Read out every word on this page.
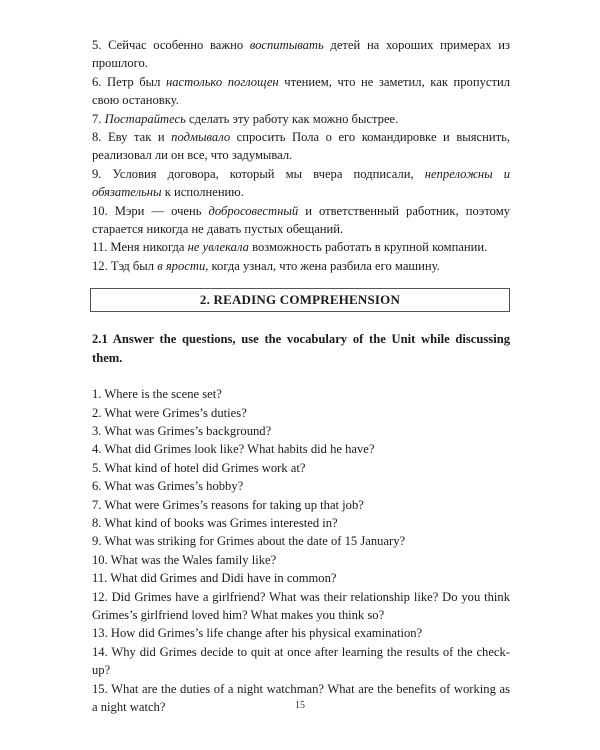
5. Сейчас особенно важно воспитывать детей на хороших примерах из прошлого.

6. Петр был настолько поглощен чтением, что не заметил, как пропустил свою остановку.

7. Постарайтесь сделать эту работу как можно быстрее.

8. Еву так и подмывало спросить Пола о его командировке и выяснить, реализовал ли он все, что задумывал.

9. Условия договора, который мы вчера подписали, непреложны и обязательны к исполнению.

10. Мэри — очень добросовестный и ответственный работник, поэтому старается никогда не давать пустых обещаний.

11. Меня никогда не увлекала возможность работать в крупной компании.

12. Тэд был в ярости, когда узнал, что жена разбила его машину.

2. READING COMPREHENSION

2.1 Answer the questions, use the vocabulary of the Unit while discussing them.

1. Where is the scene set?

2. What were Grimes’s duties?

3. What was Grimes’s background?

4. What did Grimes look like? What habits did he have?

5. What kind of hotel did Grimes work at?

6. What was Grimes’s hobby?

7. What were Grimes’s reasons for taking up that job?

8. What kind of books was Grimes interested in?

9. What was striking for Grimes about the date of 15 January?

10. What was the Wales family like?

11. What did Grimes and Didi have in common?

12. Did Grimes have a girlfriend? What was their relationship like? Do you think Grimes’s girlfriend loved him? What makes you think so?

13. How did Grimes’s life change after his physical examination?

14. Why did Grimes decide to quit at once after learning the results of the check-up?

15. What are the duties of a night watchman? What are the benefits of working as a night watch?	15
